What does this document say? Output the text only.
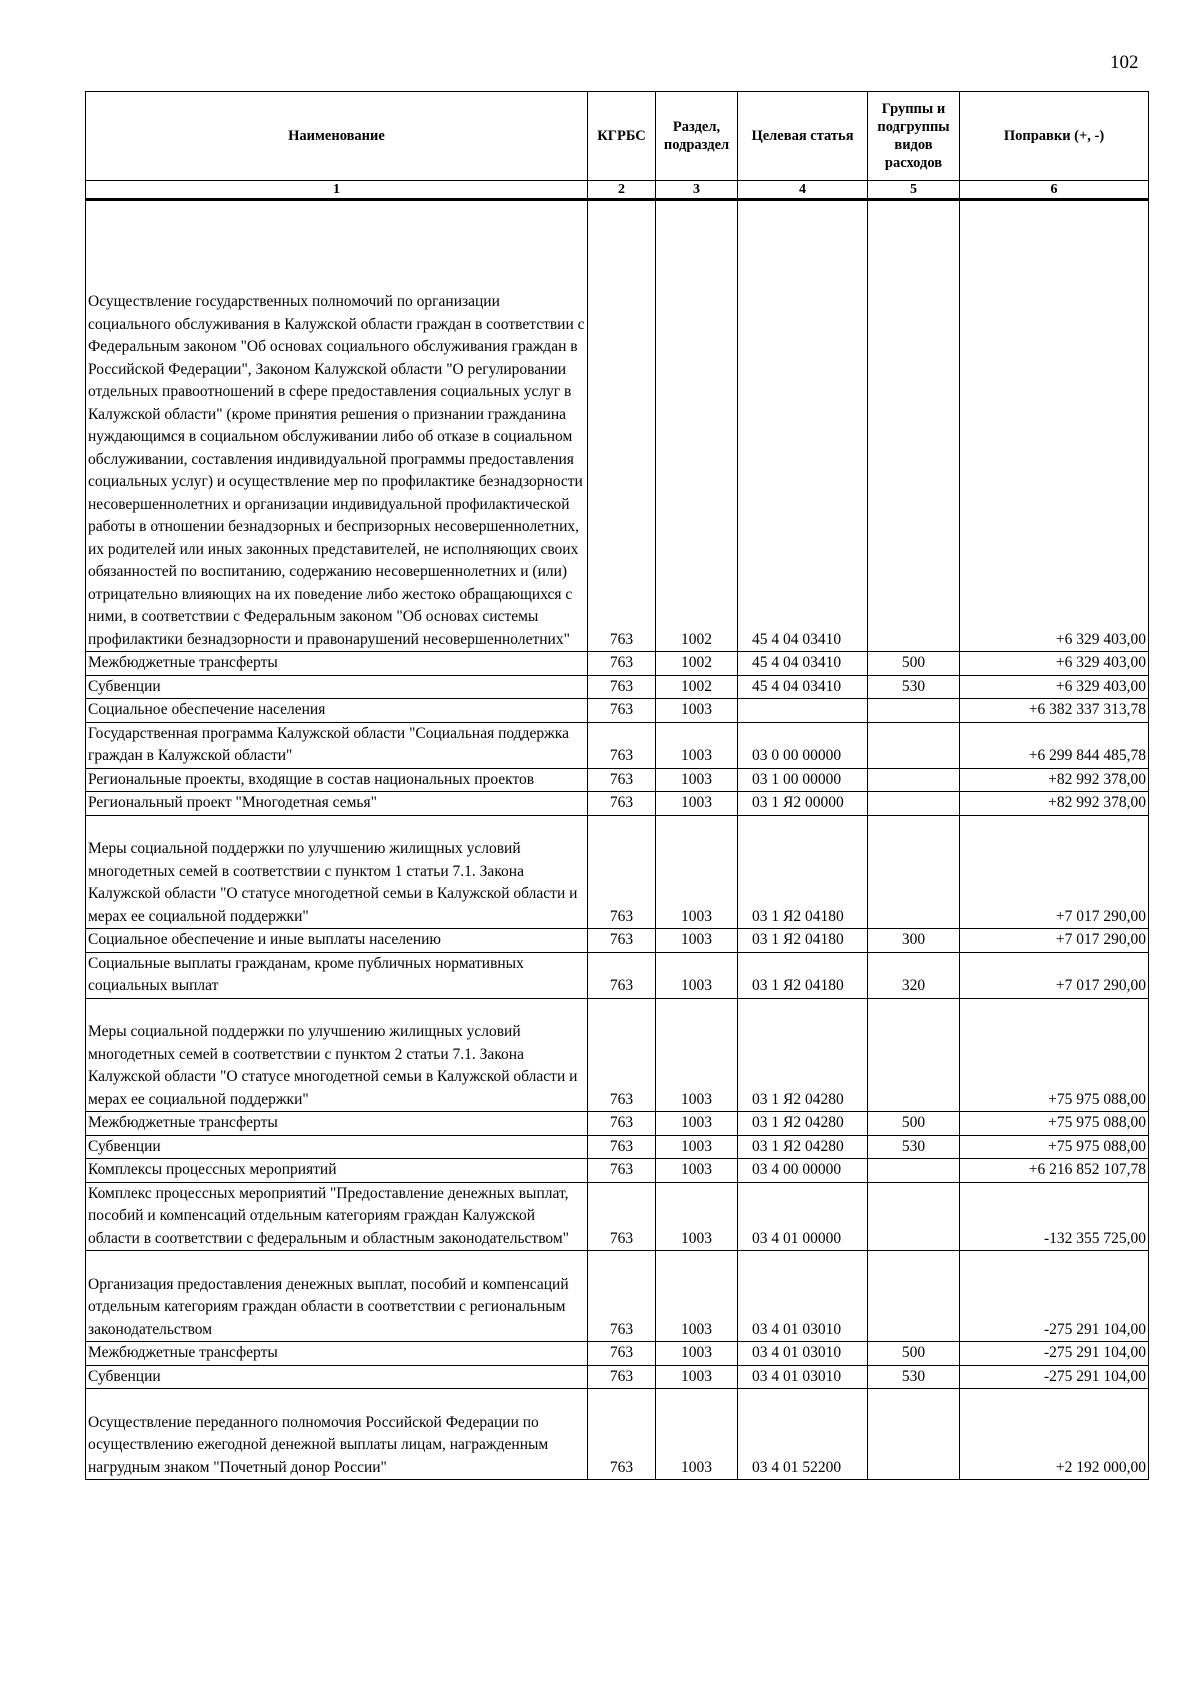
102
Наименование	КГРБС	Раздел, подраздел	Целевая статья	Группы и подгруппы видов расходов	Поправки (+, -)
1	2	3	4	5	6
Осуществление государственных полномочий по организации социального обслуживания в Калужской области граждан в соответствии с Федеральным законом "Об основах социального обслуживания граждан в Российской Федерации", Законом Калужской области "О регулировании отдельных правоотношений в сфере предоставления социальных услуг в Калужской области" (кроме принятия решения о признании гражданина нуждающимся в социальном обслуживании либо об отказе в социальном обслуживании, составления индивидуальной программы предоставления социальных услуг) и осуществление мер по профилактике безнадзорности несовершеннолетних и организации индивидуальной профилактической работы в отношении безнадзорных и беспризорных несовершеннолетних, их родителей или иных законных представителей, не исполняющих своих обязанностей по воспитанию, содержанию несовершеннолетних и (или) отрицательно влияющих на их поведение либо жестоко обращающихся с ними, в соответствии с Федеральным законом "Об основах системы профилактики безнадзорности и правонарушений несовершеннолетних"	763	1002	45 4 04 03410		+6 329 403,00
Межбюджетные трансферты	763	1002	45 4 04 03410	500	+6 329 403,00
Субвенции	763	1002	45 4 04 03410	530	+6 329 403,00
Социальное обеспечение населения	763	1003			+6 382 337 313,78
Государственная программа Калужской области "Социальная поддержка граждан в Калужской области"	763	1003	03 0 00 00000		+6 299 844 485,78
Региональные проекты, входящие в состав национальных проектов	763	1003	03 1 00 00000		+82 992 378,00
Региональный проект "Многодетная семья"	763	1003	03 1 Я2 00000		+82 992 378,00
Меры социальной поддержки по улучшению жилищных условий многодетных семей в соответствии с пунктом 1 статьи 7.1. Закона Калужской области "О статусе многодетной семьи в Калужской области и мерах ее социальной поддержки"	763	1003	03 1 Я2 04180		+7 017 290,00
Социальное обеспечение и иные выплаты населению	763	1003	03 1 Я2 04180	300	+7 017 290,00
Социальные выплаты гражданам, кроме публичных нормативных социальных выплат	763	1003	03 1 Я2 04180	320	+7 017 290,00
Меры социальной поддержки по улучшению жилищных условий многодетных семей в соответствии с пунктом 2 статьи 7.1. Закона Калужской области "О статусе многодетной семьи в Калужской области и мерах ее социальной поддержки"	763	1003	03 1 Я2 04280		+75 975 088,00
Межбюджетные трансферты	763	1003	03 1 Я2 04280	500	+75 975 088,00
Субвенции	763	1003	03 1 Я2 04280	530	+75 975 088,00
Комплексы процессных мероприятий	763	1003	03 4 00 00000		+6 216 852 107,78
Комплекс процессных мероприятий "Предоставление денежных выплат, пособий и компенсаций отдельным категориям граждан Калужской области в соответствии с федеральным и областным законодательством"	763	1003	03 4 01 00000		-132 355 725,00
Организация предоставления денежных выплат, пособий и компенсаций отдельным категориям граждан области в соответствии с региональным законодательством	763	1003	03 4 01 03010		-275 291 104,00
Межбюджетные трансферты	763	1003	03 4 01 03010	500	-275 291 104,00
Субвенции	763	1003	03 4 01 03010	530	-275 291 104,00
Осуществление переданного полномочия Российской Федерации по осуществлению ежегодной денежной выплаты лицам, награжденным нагрудным знаком "Почетный донор России"	763	1003	03 4 01 52200		+2 192 000,00
